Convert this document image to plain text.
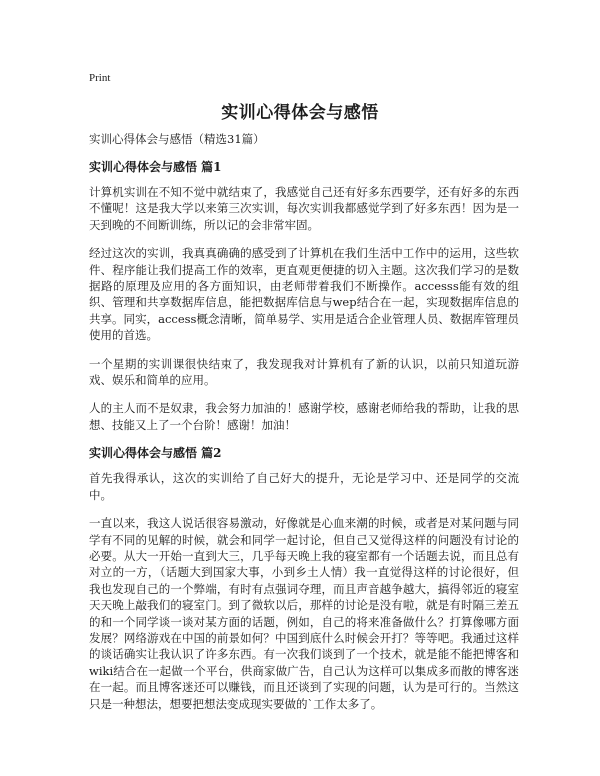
Print
实训心得体会与感悟

实训心得体会与感悟（精选31篇）

实训心得体会与感悟 篇1

计算机实训在不知不觉中就结束了，我感觉自己还有好多东西要学，还有好多的东西不懂呢！这是我大学以来第三次实训，每次实训我都感觉学到了好多东西！因为是一天到晚的不间断训练，所以记的会非常牢固。

经过这次的实训，我真真确确的感受到了计算机在我们生活中工作中的运用，这些软件、程序能让我们提高工作的效率，更直观更便捷的切入主题。这次我们学习的是数据路的原理及应用的各方面知识，由老师带着我们不断操作。accesss能有效的组织、管理和共享数据库信息，能把数据库信息与wep结合在一起，实现数据库信息的共享。同实，access概念清晰，简单易学、实用是适合企业管理人员、数据库管理员使用的首选。

一个星期的实训课很快结束了，我发现我对计算机有了新的认识，以前只知道玩游戏、娱乐和简单的应用。

人的主人而不是奴隶，我会努力加油的！感谢学校，感谢老师给我的帮助，让我的思想、技能又上了一个台阶！感谢！加油！

实训心得体会与感悟 篇2

首先我得承认，这次的实训给了自己好大的提升，无论是学习中、还是同学的交流中。

一直以来，我这人说话很容易激动，好像就是心血来潮的时候，或者是对某问题与同学有不同的见解的时候，就会和同学一起讨论，但自己又觉得这样的问题没有讨论的必要。从大一开始一直到大三，几乎每天晚上我的寝室都有一个话题去说，而且总有对立的一方，（话题大到国家大事，小到乡土人情）我一直觉得这样的讨论很好，但我也发现自己的一个弊端，有时有点强词夺理，而且声音越争越大，搞得邻近的寝室天天晚上敲我们的寝室门。到了微软以后，那样的讨论是没有啦，就是有时隔三差五的和一个同学谈一谈对某方面的话题，例如，自己的将来准备做什么？打算像哪方面发展？网络游戏在中国的前景如何？中国到底什么时候会开打？等等吧。我通过这样的谈话确实让我认识了许多东西。有一次我们谈到了一个技术，就是能不能把博客和wiki结合在一起做一个平台，供商家做广告，自己认为这样可以集成多而散的博客迷在一起。而且博客迷还可以赚钱，而且还谈到了实现的问题，认为是可行的。当然这只是一种想法，想要把想法变成现实要做的`工作太多了。
